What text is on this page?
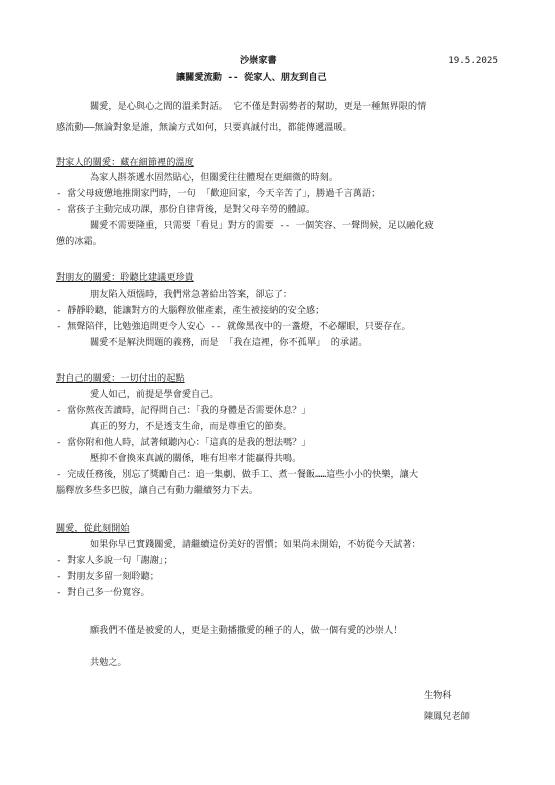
沙崇家書	19.5.2025
讓關愛流動 -- 從家人、朋友到自己
關愛，是心與心之間的溫柔對話。 它不僅是對弱勢者的幫助，更是一種無界限的情
感流動——無論對象是誰，無論方式如何，只要真誠付出，都能傳遞溫暖。
對家人的關愛：藏在細節裡的溫度
為家人斟茶遞水固然貼心，但關愛往往體現在更細微的時刻。
- 當父母疲憊地推開家門時，一句 「歡迎回家，今天辛苦了」，勝過千言萬語；
- 當孩子主動完成功課，那份自律背後，是對父母辛勞的體諒。
關愛不需要隆重，只需要「看見」對方的需要 -- 一個笑容、一聲問候，足以融化疲
憊的冰霜。
對朋友的關愛：聆聽比建議更珍貴
朋友陷入煩惱時，我們常急著給出答案，卻忘了：
- 靜靜聆聽，能讓對方的大腦釋放催產素，產生被接納的安全感；
- 無聲陪伴，比勉強追問更令人安心 -- 就像黑夜中的一盞燈，不必耀眼，只要存在。
關愛不是解決問題的義務，而是 「我在這裡，你不孤單」 的承諾。
對自己的關愛：一切付出的起點
愛人如己，前提是學會愛自己。
- 當你熬夜苦讀時，記得問自己：「我的身體是否需要休息？」
真正的努力，不是透支生命，而是尊重它的節奏。
- 當你附和他人時，試著傾聽內心：「這真的是我的想法嗎？」
壓抑不會換來真誠的關係，唯有坦率才能贏得共鳴。
- 完成任務後，別忘了獎勵自己：追一集劇、做手工、煮一餐飯……這些小小的快樂，讓大
腦釋放多些多巴胺，讓自己有動力繼續努力下去。
關愛，從此刻開始
如果你早已實踐關愛，請繼續這份美好的習慣；如果尚未開始，不妨從今天試著：
- 對家人多說一句「謝謝」；
- 對朋友多留一刻聆聽；
- 對自己多一份寬容。
願我們不僅是被愛的人，更是主動播撒愛的種子的人，做一個有愛的沙崇人！
共勉之。
生物科
陳鳳兒老師
